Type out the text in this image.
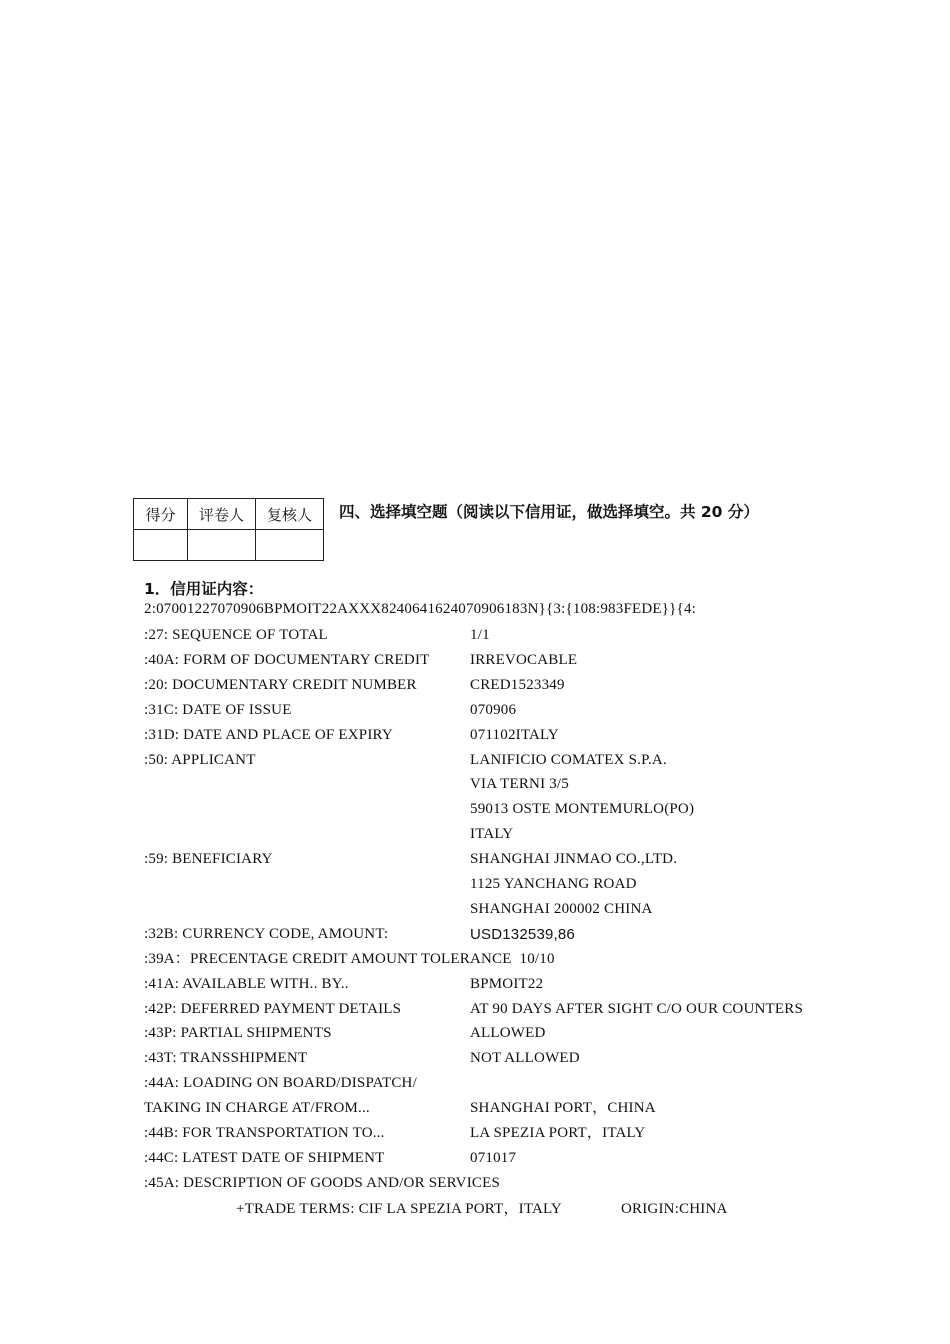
得分	评卷人	复核人
		四、选择填空题（阅读以下信用证，做选择填空。共 20 分）
1．信用证内容：
2:07001227070906BPMOIT22AXXX8240641624070906183N}{3:{108:983FEDE}}{4:
:27: SEQUENCE OF TOTAL	1/1
:40A: FORM OF DOCUMENTARY CREDIT	IRREVOCABLE
:20: DOCUMENTARY CREDIT NUMBER	CRED1523349
:31C: DATE OF ISSUE	070906
:31D: DATE AND PLACE OF EXPIRY	071102ITALY
:50: APPLICANT	LANIFICIO COMATEX S.P.A.
VIA TERNI 3/5
59013 OSTE MONTEMURLO(PO)
ITALY
:59: BENEFICIARY	SHANGHAI JINMAO CO.,LTD.
1125 YANCHANG ROAD
SHANGHAI 200002 CHINA
:32B: CURRENCY CODE, AMOUNT:	USD132539,86
:39A：PRECENTAGE CREDIT AMOUNT TOLERANCE  10/10
:41A: AVAILABLE WITH.. BY..	BPMOIT22
:42P: DEFERRED PAYMENT DETAILS	AT 90 DAYS AFTER SIGHT C/O OUR COUNTERS
:43P: PARTIAL SHIPMENTS	ALLOWED
:43T: TRANSSHIPMENT	NOT ALLOWED
:44A: LOADING ON BOARD/DISPATCH/
TAKING IN CHARGE AT/FROM...	SHANGHAI PORT，CHINA
:44B: FOR TRANSPORTATION TO...	LA SPEZIA PORT，ITALY
:44C: LATEST DATE OF SHIPMENT	071017
:45A: DESCRIPTION OF GOODS AND/OR SERVICES
+TRADE TERMS: CIF LA SPEZIA PORT，ITALY	ORIGIN:CHINA
